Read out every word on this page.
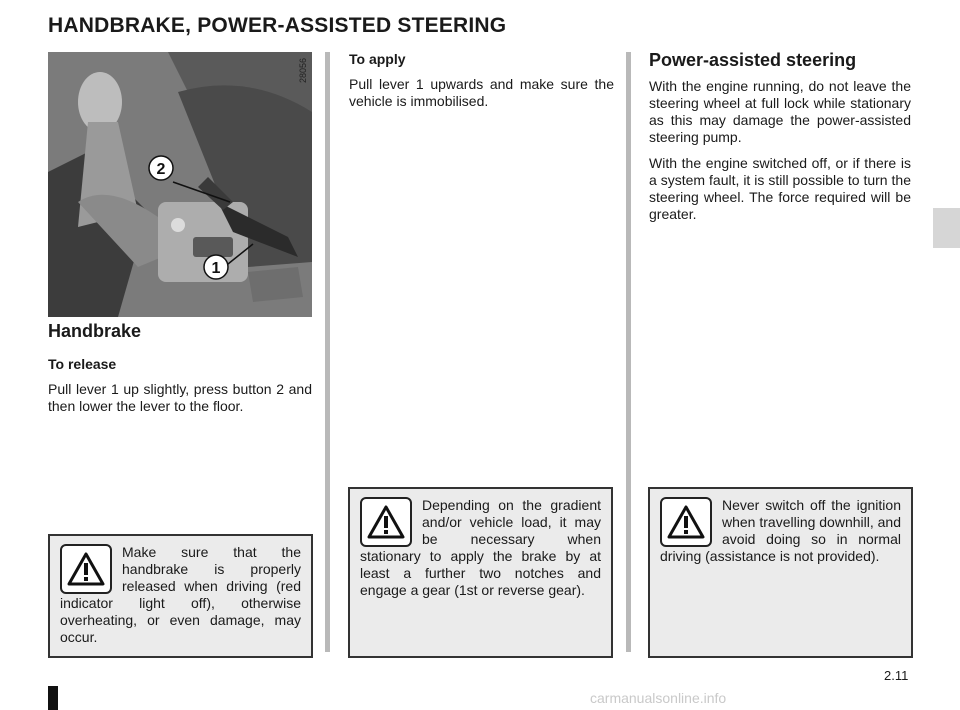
HANDBRAKE, POWER-ASSISTED STEERING
2
1
28056
Handbrake

To release

Pull lever 1 up slightly, press button 2 and then lower the lever to the floor.

Make sure that the handbrake is properly released when driving (red indicator light off), otherwise overheating, or even damage, may occur.

To apply

Pull lever 1 upwards and make sure the vehicle is immobilised.

Depending on the gradient and/or vehicle load, it may be necessary when stationary to apply the brake by at least a further two notches and engage a gear (1st or reverse gear).
Power-assisted steering

With the engine running, do not leave the steering wheel at full lock while stationary as this may damage the power-assisted steering pump.

With the engine switched off, or if there is a system fault, it is still possible to turn the steering wheel. The force required will be greater.

Never switch off the ignition when travelling downhill, and avoid doing so in normal driving (assistance is not provided).
2.11
carmanualsonline.info
